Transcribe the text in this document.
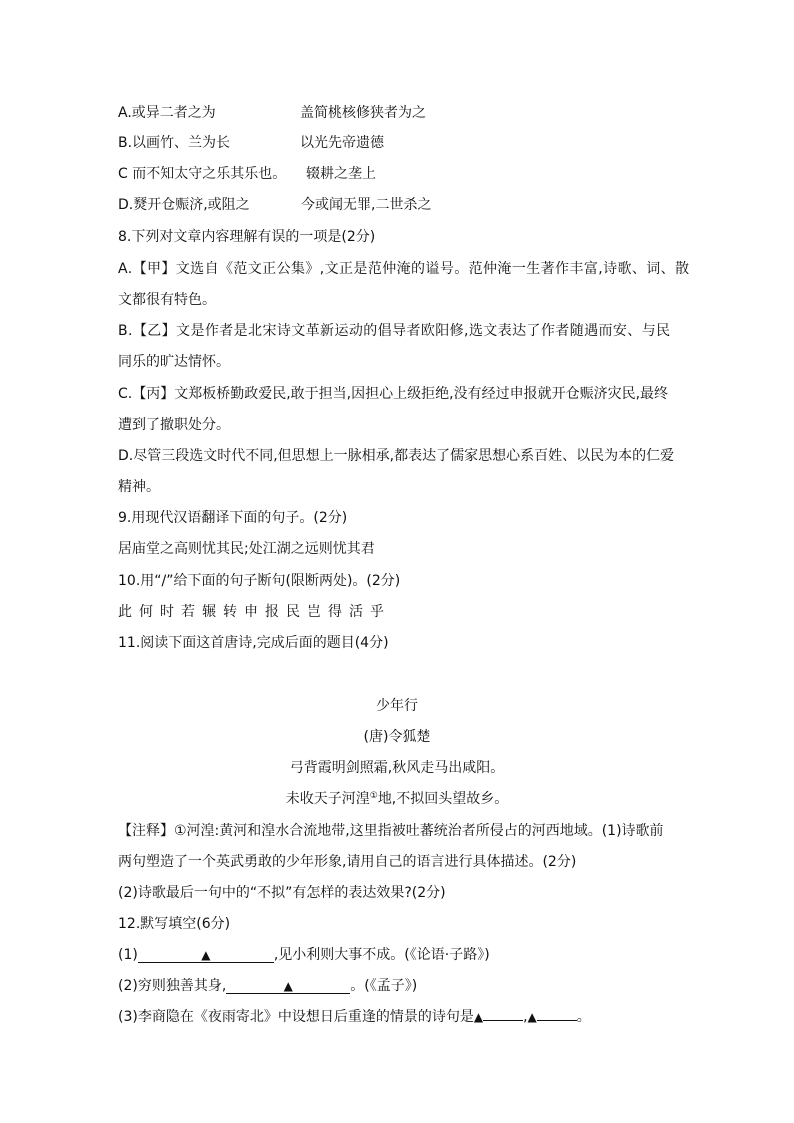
A.或异二者之为	盖简桃核修狭者为之
B.以画竹、兰为长	以光先帝遗德
C 而不知太守之乐其乐也。 辍耕之垄上
D.燹开仓赈济,或阻之	今或闻无罪,二世杀之
8.下列对文章内容理解有误的一项是(2分)
A.【甲】文选自《范文正公集》,文正是范仲淹的谥号。范仲淹一生著作丰富,诗歌、词、散
文都很有特色。
B.【乙】文是作者是北宋诗文革新运动的倡导者欧阳修,选文表达了作者随遇而安、与民
同乐的旷达情怀。
C.【丙】文郑板桥勤政爱民,敢于担当,因担心上级拒绝,没有经过申报就开仓赈济灾民,最终
遭到了撤职处分。
D.尽管三段选文时代不同,但思想上一脉相承,都表达了儒家思想心系百姓、以民为本的仁爱
精神。
9.用现代汉语翻译下面的句子。(2分)
居庙堂之高则忧其民;处江湖之远则忧其君
10.用“/”给下面的句子断句(限断两处)。(2分)
此何时若辗转申报民岂得活乎
11.阅读下面这首唐诗,完成后面的题目(4分)
少年行
(唐)令狐楚
弓背霞明剑照霜,秋风走马出咸阳。
未收天子河湟①地,不拟回头望故乡。
【注释】①河湟:黄河和湟水合流地带,这里指被吐蕃统治者所侵占的河西地域。(1)诗歌前
两句塑造了一个英武勇敢的少年形象,请用自己的语言进行具体描述。(2分)
(2)诗歌最后一句中的“不拟”有怎样的表达效果?(2分)
12.默写填空(6分)
(1)	▲	,见小利则大事不成。(《论语·子路》)
(2)穷则独善其身,	▲	。(《孟子》)
(3)李商隐在《夜雨寄北》中设想日后重逢的情景的诗句是▲	,▲	。
